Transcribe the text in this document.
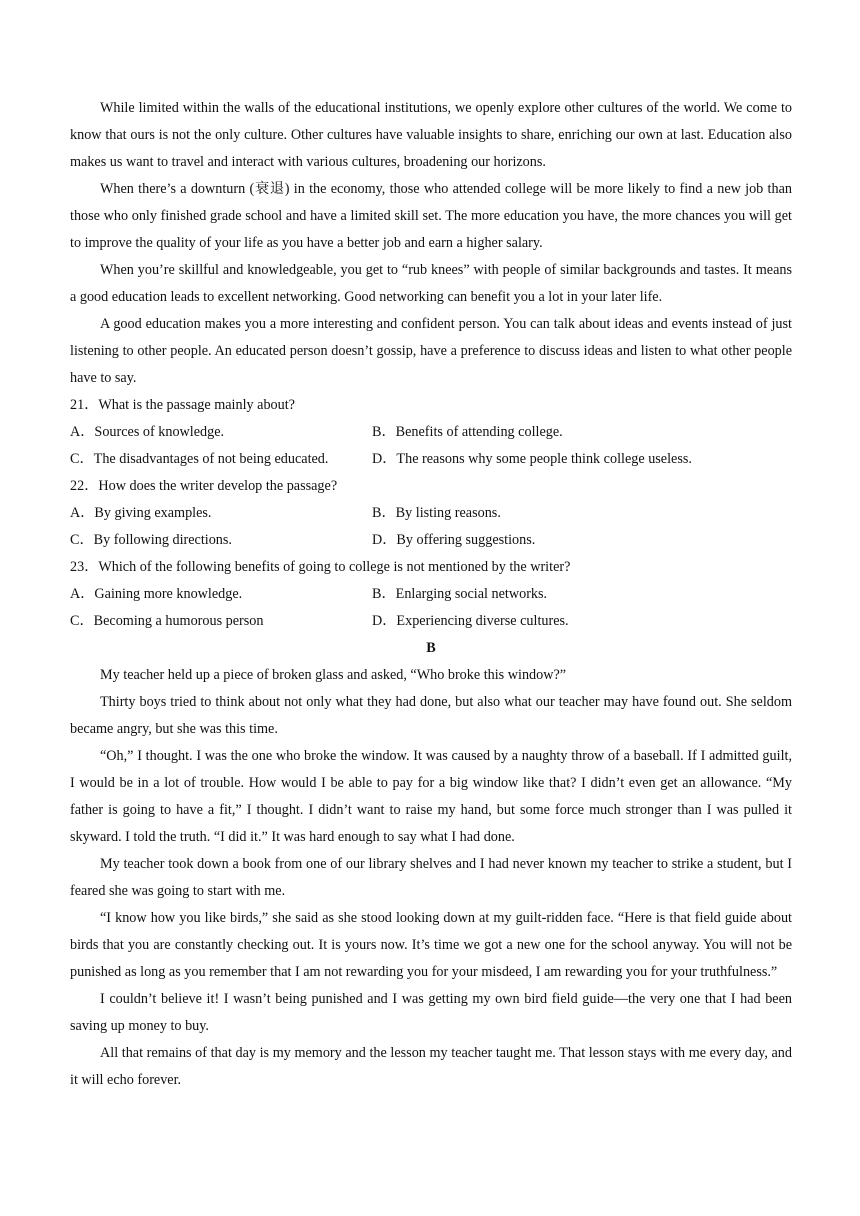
While limited within the walls of the educational institutions, we openly explore other cultures of the world. We come to know that ours is not the only culture. Other cultures have valuable insights to share, enriching our own at last. Education also makes us want to travel and interact with various cultures, broadening our horizons.

When there’s a downturn (衰退) in the economy, those who attended college will be more likely to find a new job than those who only finished grade school and have a limited skill set. The more education you have, the more chances you will get to improve the quality of your life as you have a better job and earn a higher salary.

When you’re skillful and knowledgeable, you get to “rub knees” with people of similar backgrounds and tastes. It means a good education leads to excellent networking. Good networking can benefit you a lot in your later life.

A good education makes you a more interesting and confident person. You can talk about ideas and events instead of just listening to other people. An educated person doesn’t gossip, have a preference to discuss ideas and listen to what other people have to say.

21．What is the passage mainly about?

A．Sources of knowledge.	B．Benefits of attending college.
C．The disadvantages of not being educated.	D．The reasons why some people think college useless.

22．How does the writer develop the passage?

A．By giving examples.	B．By listing reasons.
C．By following directions.	D．By offering suggestions.

23．Which of the following benefits of going to college is not mentioned by the writer?

A．Gaining more knowledge.	B．Enlarging social networks.
C．Becoming a humorous person	D．Experiencing diverse cultures.

B

My teacher held up a piece of broken glass and asked, “Who broke this window?”

Thirty boys tried to think about not only what they had done, but also what our teacher may have found out. She seldom became angry, but she was this time.

“Oh,” I thought. I was the one who broke the window. It was caused by a naughty throw of a baseball. If I admitted guilt, I would be in a lot of trouble. How would I be able to pay for a big window like that? I didn’t even get an allowance. “My father is going to have a fit,” I thought. I didn’t want to raise my hand, but some force much stronger than I was pulled it skyward. I told the truth. “I did it.” It was hard enough to say what I had done.

My teacher took down a book from one of our library shelves and I had never known my teacher to strike a student, but I feared she was going to start with me.

“I know how you like birds,” she said as she stood looking down at my guilt-ridden face. “Here is that field guide about birds that you are constantly checking out. It is yours now. It’s time we got a new one for the school anyway. You will not be punished as long as you remember that I am not rewarding you for your misdeed, I am rewarding you for your truthfulness.”

I couldn’t believe it! I wasn’t being punished and I was getting my own bird field guide—the very one that I had been saving up money to buy.

All that remains of that day is my memory and the lesson my teacher taught me. That lesson stays with me every day, and it will echo forever.
